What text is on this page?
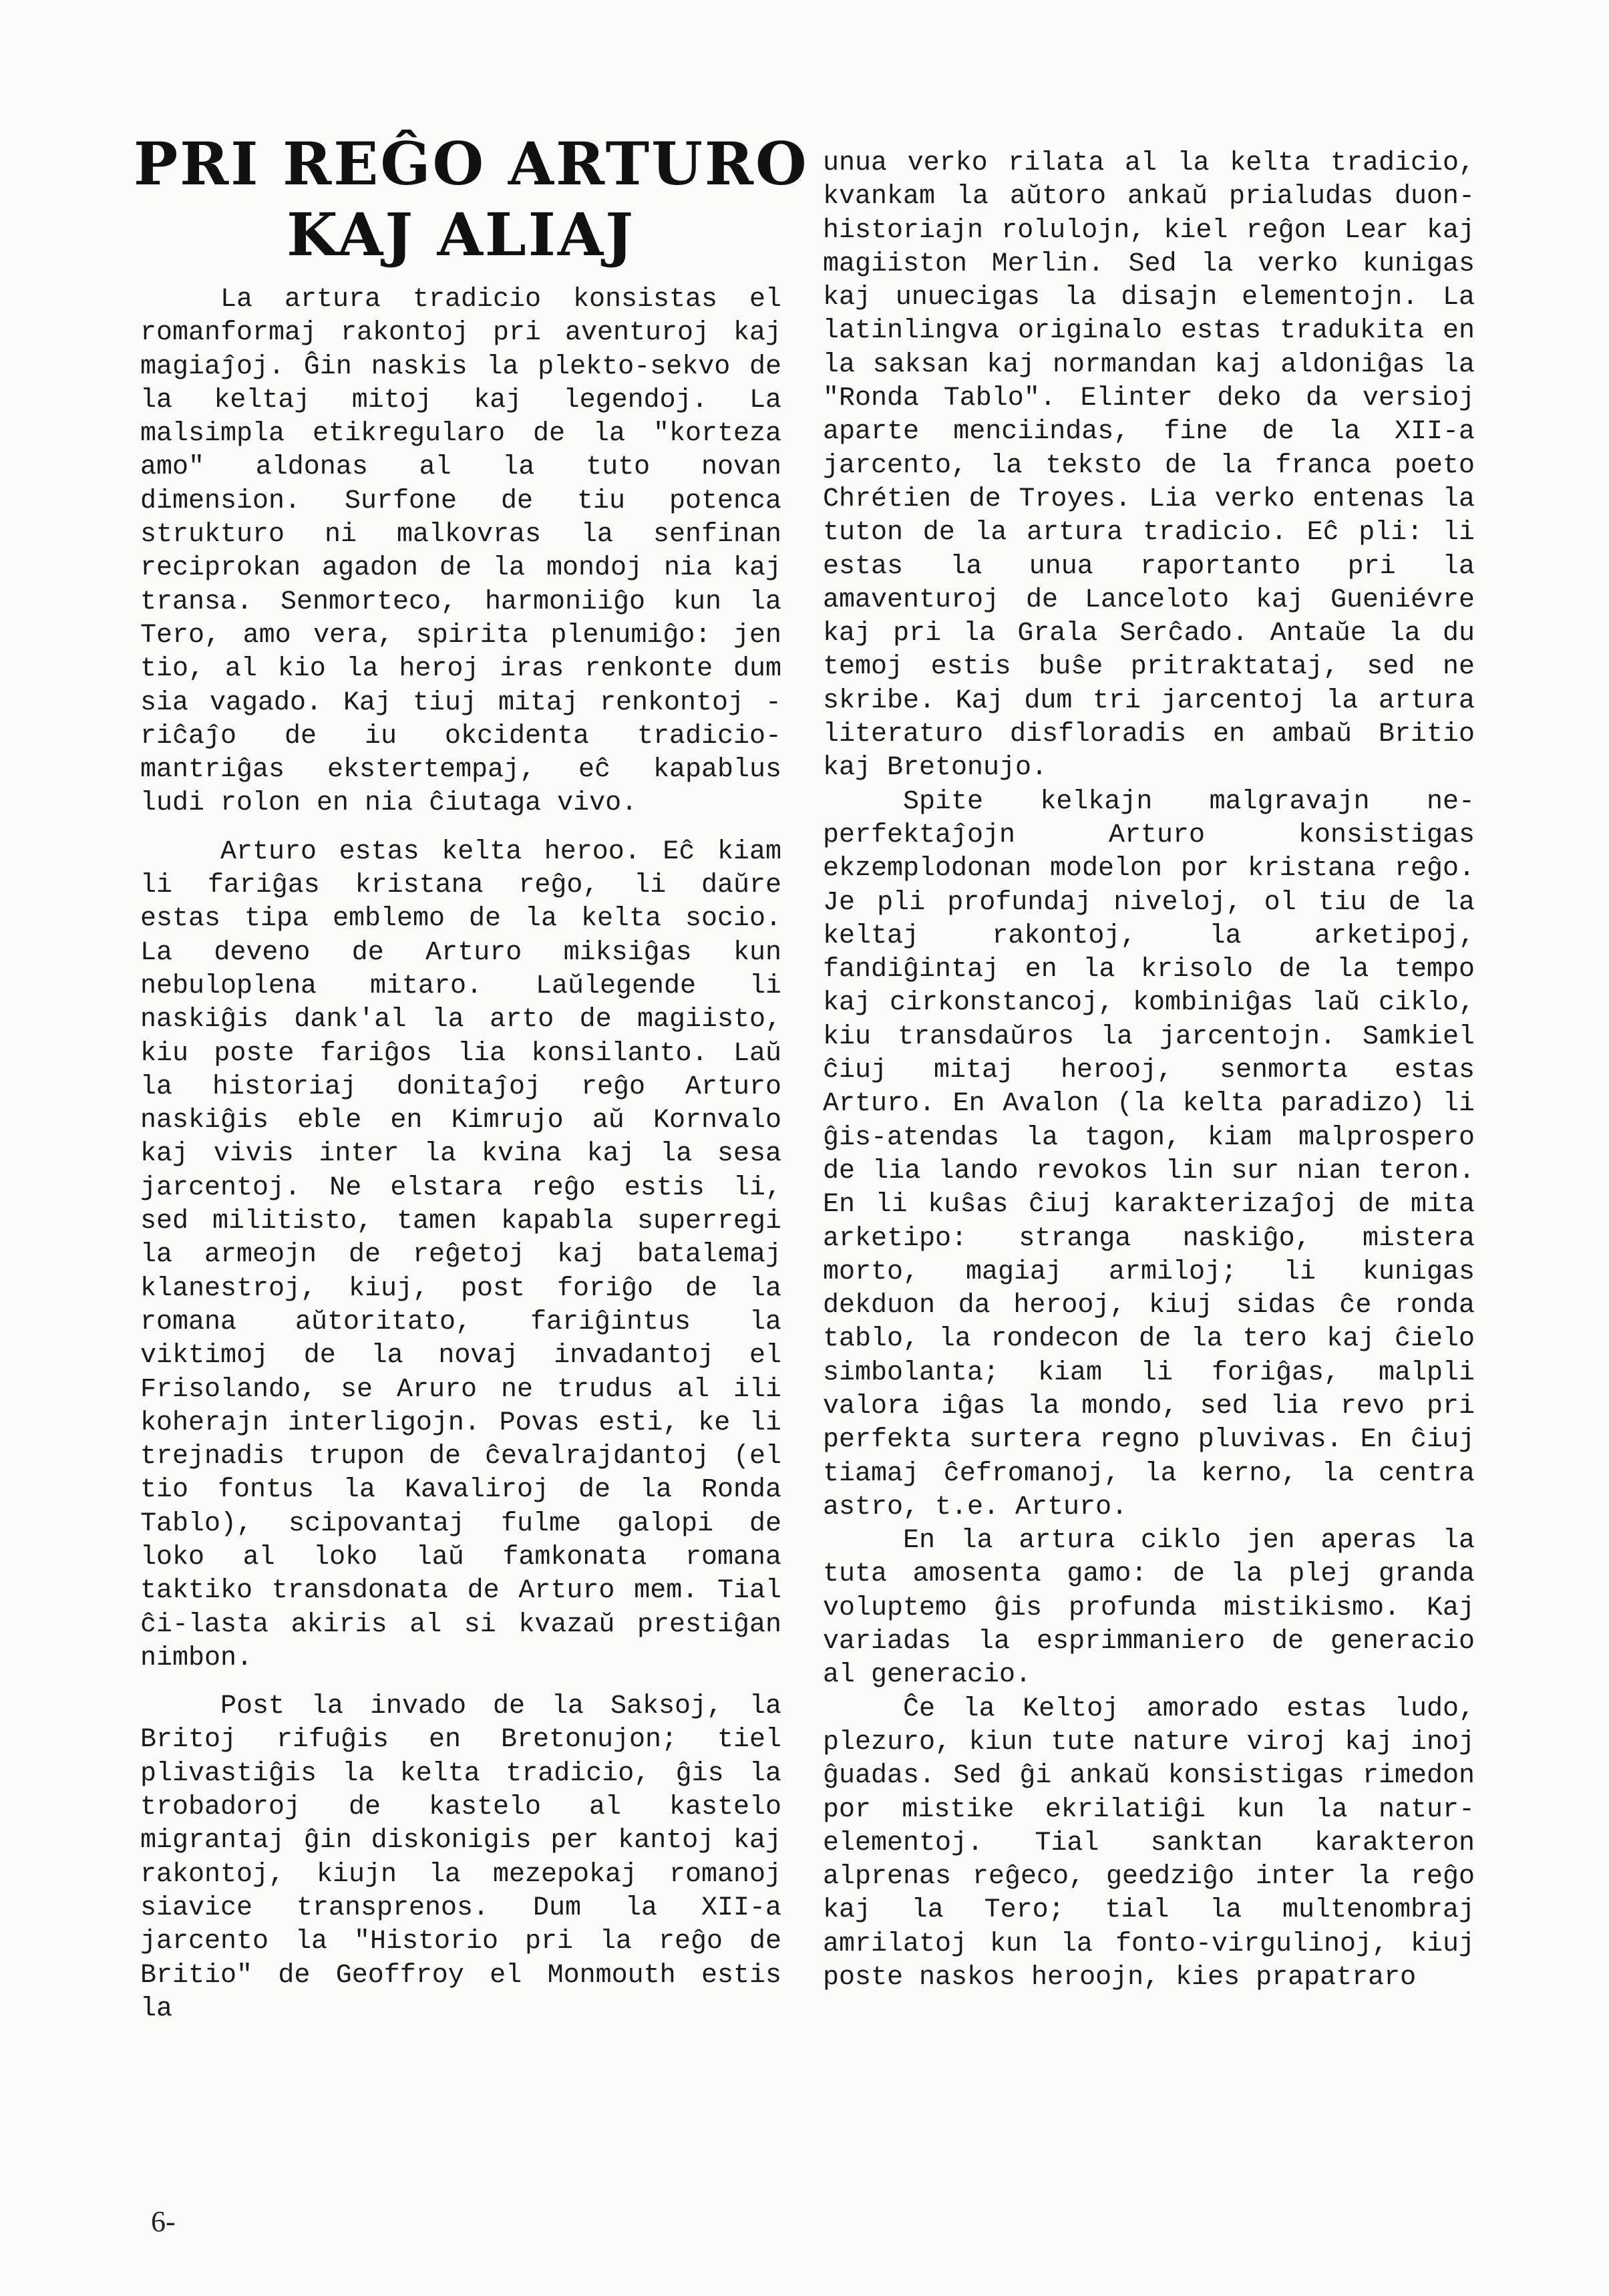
PRI REĜO ARTURO
KAJ ALIAJ

La artura tradicio konsistas el romanformaj rakontoj pri aventuroj kaj magiaĵoj. Ĝin naskis la plekto-sekvo de la keltaj mitoj kaj legendoj. La malsimpla etikregularo de la "korteza amo" aldonas al la tuto novan dimension. Surfone de tiu potenca strukturo ni malkovras la senfinan reciprokan agadon de la mondoj nia kaj transa. Senmorteco, harmoniiĝo kun la Tero, amo vera, spirita plenumiĝo: jen tio, al kio la heroj iras renkonte dum sia vagado. Kaj tiuj mitaj renkontoj - riĉaĵo de iu okcidenta tradicio- mantriĝas ekstertempaj, eĉ kapablus ludi rolon en nia ĉiutaga vivo.

Arturo estas kelta heroo. Eĉ kiam li fariĝas kristana reĝo, li daŭre estas tipa emblemo de la kelta socio. La deveno de Arturo miksiĝas kun nebuloplena mitaro. Laŭlegende li naskiĝis dank'al la arto de magiisto, kiu poste fariĝos lia konsilanto. Laŭ la historiaj donitaĵoj reĝo Arturo naskiĝis eble en Kimrujo aŭ Kornvalo kaj vivis inter la kvina kaj la sesa jarcentoj. Ne elstara reĝo estis li, sed militisto, tamen kapabla superregi la armeojn de reĝetoj kaj batalemaj klanestroj, kiuj, post foriĝo de la romana aŭtoritato, fariĝintus la viktimoj de la novaj invadantoj el Frisolando, se Aruro ne trudus al ili koherajn interligojn. Povas esti, ke li trejnadis trupon de ĉevalrajdantoj (el tio fontus la Kavaliroj de la Ronda Tablo), scipovantaj fulme galopi de loko al loko laŭ famkonata romana taktiko transdonata de Arturo mem. Tial ĉi-lasta akiris al si kvazaŭ prestiĝan nimbon.

Post la invado de la Saksoj, la Britoj rifuĝis en Bretonujon; tiel plivastiĝis la kelta tradicio, ĝis la trobadoroj de kastelo al kastelo migrantaj ĝin diskonigis per kantoj kaj rakontoj, kiujn la mezepokaj romanoj siavice transprenos. Dum la XII-a jarcento la "Historio pri la reĝo de Britio" de Geoffroy el Monmouth estis la

unua verko rilata al la kelta tradicio, kvankam la aŭtoro ankaŭ prialudas duon-historiajn rolulojn, kiel reĝon Lear kaj magiiston Merlin. Sed la verko kunigas kaj unuecigas la disajn elementojn. La latinlingva originalo estas tradukita en la saksan kaj normandan kaj aldoniĝas la "Ronda Tablo". Elinter deko da versioj aparte menciindas, fine de la XII-a jarcento, la teksto de la franca poeto Chrétien de Troyes. Lia verko entenas la tuton de la artura tradicio. Eĉ pli: li estas la unua raportanto pri la amaventuroj de Lanceloto kaj Gueniévre kaj pri la Grala Serĉado. Antaŭe la du temoj estis buŝe pritraktataj, sed ne skribe. Kaj dum tri jarcentoj la artura literaturo disfloradis en ambaŭ Britio kaj Bretonujo.

Spite kelkajn malgravajn ne-perfektaĵojn Arturo konsistigas ekzemplodonan modelon por kristana reĝo. Je pli profundaj niveloj, ol tiu de la keltaj rakontoj, la arketipoj, fandiĝintaj en la krisolo de la tempo kaj cirkonstancoj, kombiniĝas laŭ ciklo, kiu transdaŭros la jarcentojn. Samkiel ĉiuj mitaj herooj, senmorta estas Arturo. En Avalon (la kelta paradizo) li ĝis-atendas la tagon, kiam malprospero de lia lando revokos lin sur nian teron. En li kuŝas ĉiuj karakterizaĵoj de mita arketipo: stranga naskiĝo, mistera morto, magiaj armiloj; li kunigas dekduon da herooj, kiuj sidas ĉe ronda tablo, la rondecon de la tero kaj ĉielo simbolanta; kiam li foriĝas, malpli valora iĝas la mondo, sed lia revo pri perfekta surtera regno pluvivas. En ĉiuj tiamaj ĉefromanoj, la kerno, la centra astro, t.e. Arturo.

En la artura ciklo jen aperas la tuta amosenta gamo: de la plej granda voluptemo ĝis profunda mistikismo. Kaj variadas la esprimmaniero de generacio al generacio.

Ĉe la Keltoj amorado estas ludo, plezuro, kiun tute nature viroj kaj inoj ĝuadas. Sed ĝi ankaŭ konsistigas rimedon por mistike ekrilatiĝi kun la natur-elementoj. Tial sanktan karakteron alprenas reĝeco, geedziĝo inter la reĝo kaj la Tero; tial la multenombraj amrilatoj kun la fonto-virgulinoj, kiuj poste naskos heroojn, kies prapatraro

6-
